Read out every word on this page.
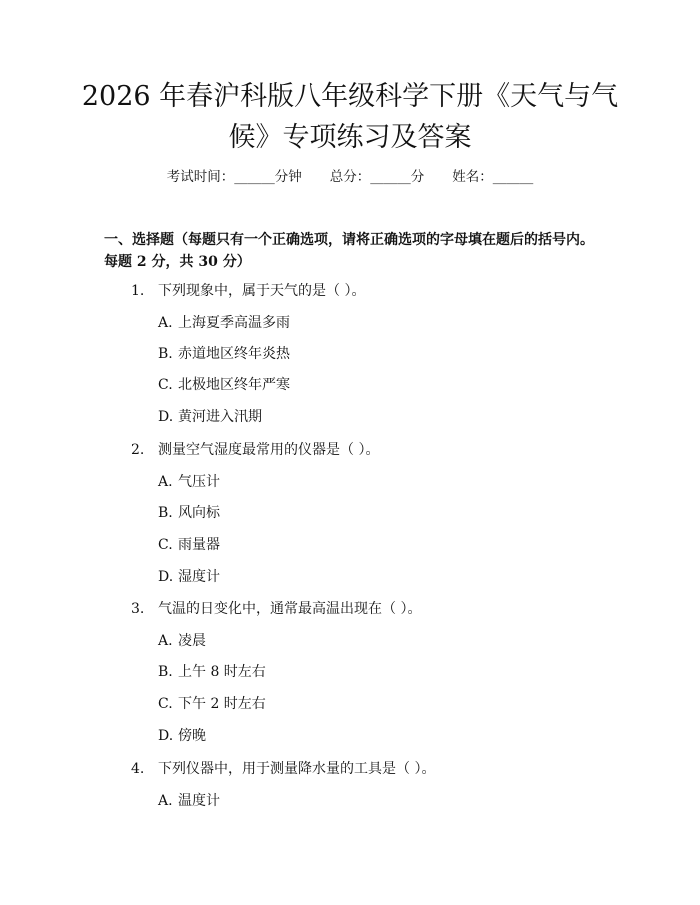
2026 年春沪科版八年级科学下册《天气与气
候》专项练习及答案
考试时间：______分钟 总分：______分 姓名：______
一、选择题（每题只有一个正确选项，请将正确选项的字母填在题后的括号内。
每题 2 分，共 30 分）
1. 下列现象中，属于天气的是（ ）。
A. 上海夏季高温多雨
B. 赤道地区终年炎热
C. 北极地区终年严寒
D. 黄河进入汛期
2. 测量空气湿度最常用的仪器是（ ）。
A. 气压计
B. 风向标
C. 雨量器
D. 湿度计
3. 气温的日变化中，通常最高温出现在（ ）。
A. 凌晨
B. 上午 8 时左右
C. 下午 2 时左右
D. 傍晚
4. 下列仪器中，用于测量降水量的工具是（ ）。
A. 温度计
